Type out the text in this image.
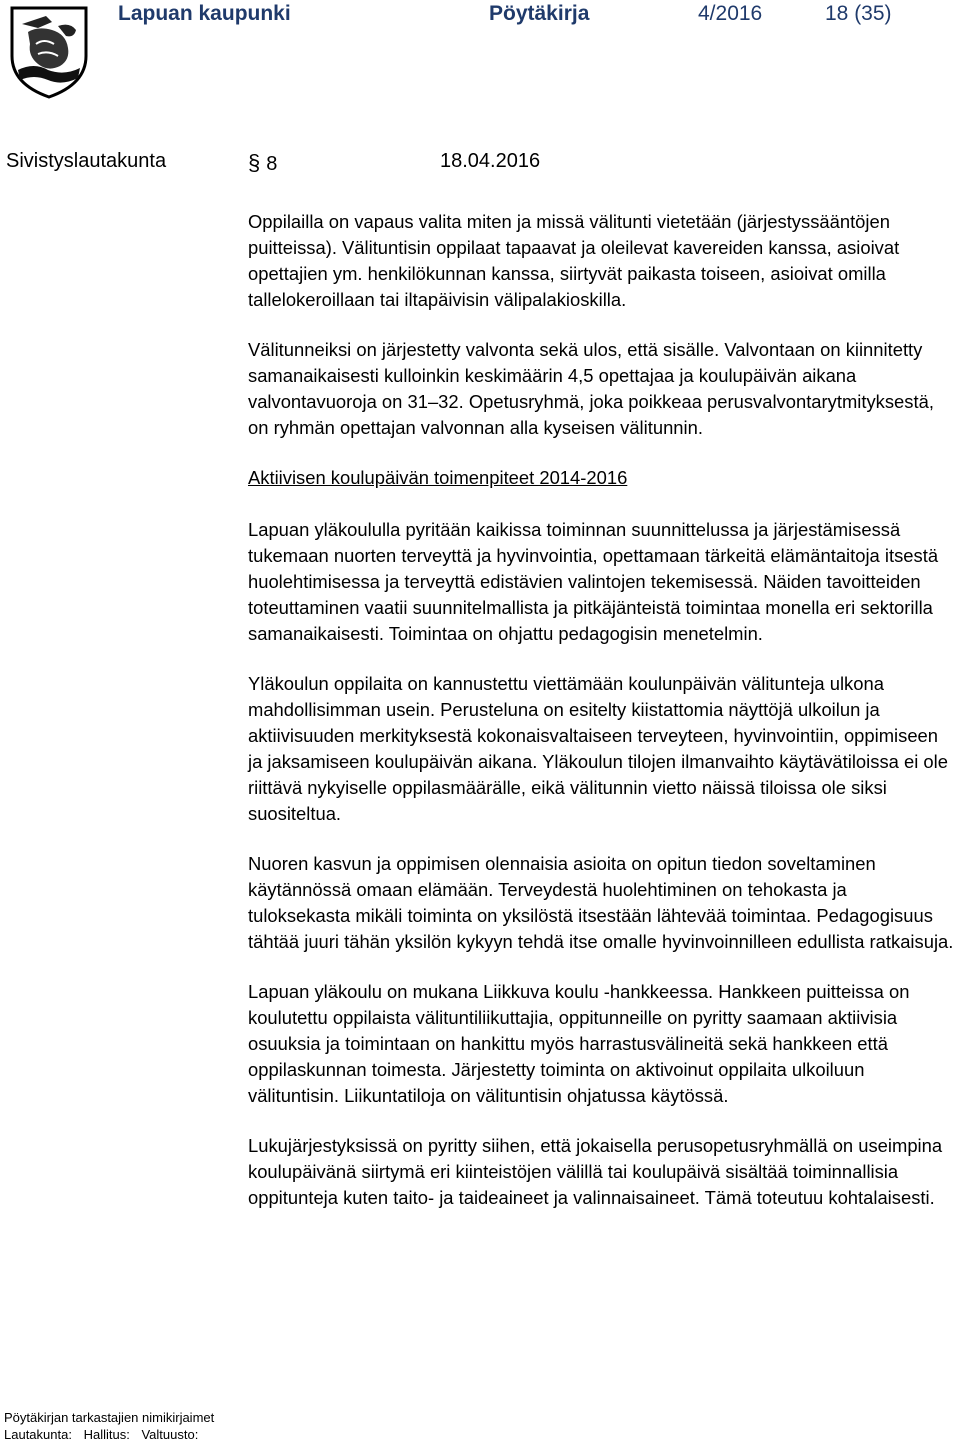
Lapuan kaupunki	Pöytäkirja	4/2016	18 (35)
Sivistyslautakunta	§ 8	18.04.2016

Oppilailla on vapaus valita miten ja missä välitunti vietetään (järjestyssääntöjen puitteissa). Välituntisin oppilaat tapaavat ja oleilevat kavereiden kanssa, asioivat opettajien ym. henkilökunnan kanssa, siirtyvät paikasta toiseen, asioivat omilla tallelokeroillaan tai iltapäivisin välipalakioskilla.

Välitunneiksi on järjestetty valvonta sekä ulos, että sisälle. Valvontaan on kiinnitetty samanaikaisesti kulloinkin keskimäärin 4,5 opettajaa ja koulupäivän aikana valvontavuoroja on 31–32. Opetusryhmä, joka poikkeaa perusvalvontarytmityksestä, on ryhmän opettajan valvonnan alla kyseisen välitunnin.

Aktiivisen koulupäivän toimenpiteet 2014-2016

Lapuan yläkoululla pyritään kaikissa toiminnan suunnittelussa ja järjestämisessä tukemaan nuorten terveyttä ja hyvinvointia, opettamaan tärkeitä elämäntaitoja itsestä huolehtimisessa ja terveyttä edistävien valintojen tekemisessä. Näiden tavoitteiden toteuttaminen vaatii suunnitelmallista ja pitkäjänteistä toimintaa monella eri sektorilla samanaikaisesti. Toimintaa on ohjattu pedagogisin menetelmin.

Yläkoulun oppilaita on kannustettu viettämään koulunpäivän välitunteja ulkona mahdollisimman usein. Perusteluna on esitelty kiistattomia näyttöjä ulkoilun ja aktiivisuuden merkityksestä kokonaisvaltaiseen terveyteen, hyvinvointiin, oppimiseen ja jaksamiseen koulupäivän aikana. Yläkoulun tilojen ilmanvaihto käytävätiloissa ei ole riittävä nykyiselle oppilasmäärälle, eikä välitunnin vietto näissä tiloissa ole siksi suositeltua.

Nuoren kasvun ja oppimisen olennaisia asioita on opitun tiedon soveltaminen käytännössä omaan elämään. Terveydestä huolehtiminen on tehokasta ja tuloksekasta mikäli toiminta on yksilöstä itsestään lähtevää toimintaa. Pedagogisuus tähtää juuri tähän yksilön kykyyn tehdä itse omalle hyvinvoinnilleen edullista ratkaisuja.

Lapuan yläkoulu on mukana Liikkuva koulu -hankkeessa. Hankkeen puitteissa on koulutettu oppilaista välituntiliikuttajia, oppitunneille on pyritty saamaan aktiivisia osuuksia ja toimintaan on hankittu myös harrastusvälineitä sekä hankkeen että oppilaskunnan toimesta. Järjestetty toiminta on aktivoinut oppilaita ulkoiluun välituntisin. Liikuntatiloja on välituntisin ohjatussa käytössä.

Lukujärjestyksissä on pyritty siihen, että jokaisella perusopetusryhmällä on useimpina koulupäivänä siirtymä eri kiinteistöjen välillä tai koulupäivä sisältää toiminnallisia oppitunteja kuten taito- ja taideaineet ja valinnaisaineet. Tämä toteutuu kohtalaisesti.

Pöytäkirjan tarkastajien nimikirjaimet
Lautakunta: Hallitus: Valtuusto:
